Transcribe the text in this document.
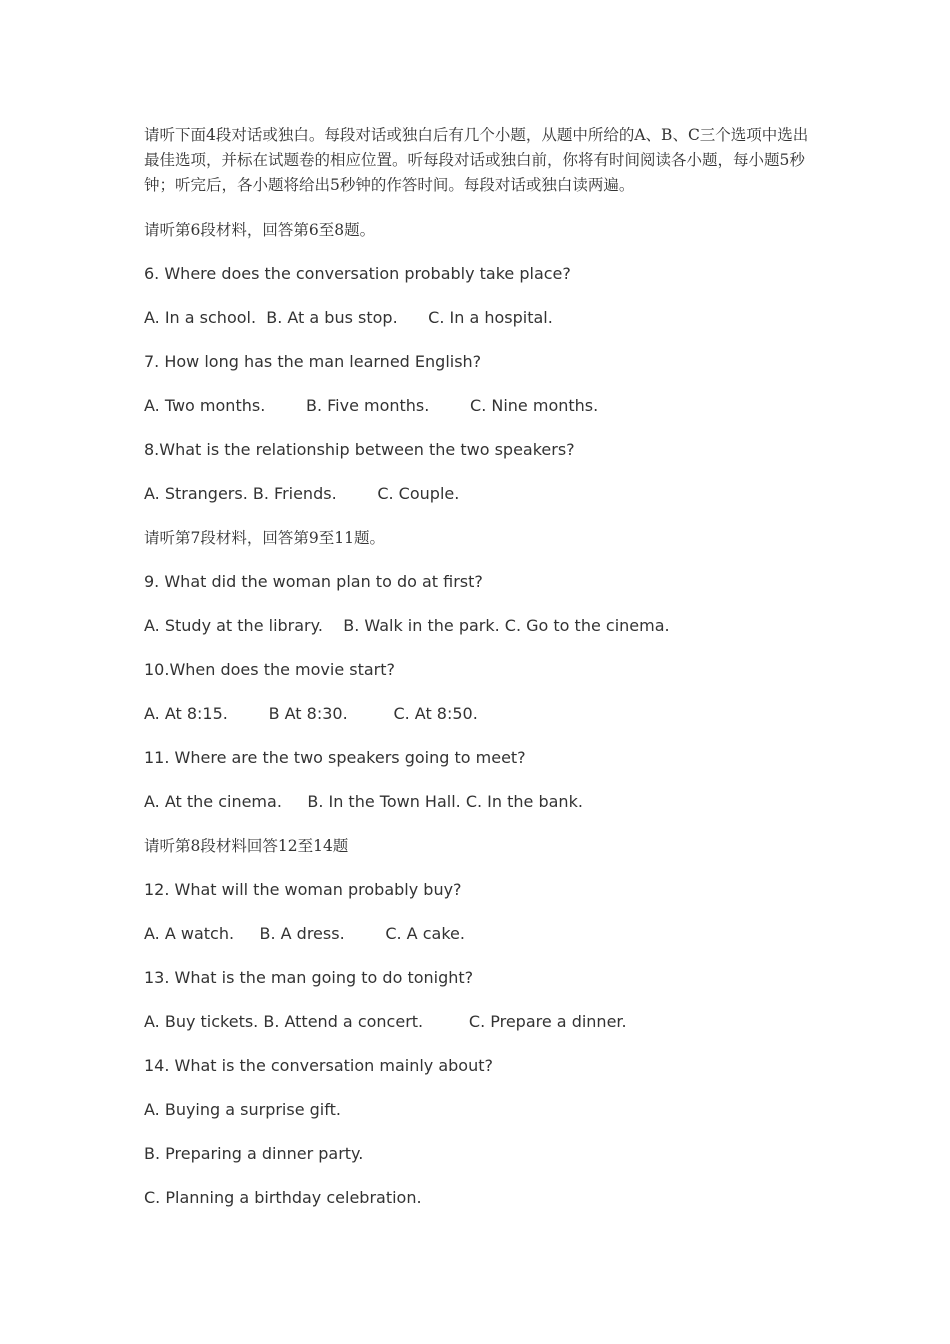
请听下面4段对话或独白。每段对话或独白后有几个小题，从题中所给的A、B、C三个选项中选出最佳选项，并标在试题卷的相应位置。听每段对话或独白前，你将有时间阅读各小题，每小题5秒钟；听完后，各小题将给出5秒钟的作答时间。每段对话或独白读两遍。

请听第6段材料，回答第6至8题。

6. Where does the conversation probably take place?

A. In a school.  B. At a bus stop.      C. In a hospital.

7. How long has the man learned English?

A. Two months.        B. Five months.        C. Nine months.

8.What is the relationship between the two speakers?

A. Strangers. B. Friends.        C. Couple.

请听第7段材料，回答第9至11题。

9. What did the woman plan to do at first?

A. Study at the library.    B. Walk in the park. C. Go to the cinema.

10.When does the movie start?

A. At 8:15.        B At 8:30.         C. At 8:50.

11. Where are the two speakers going to meet?

A. At the cinema.     B. In the Town Hall. C. In the bank.

请听第8段材料回答12至14题

12. What will the woman probably buy?

A. A watch.     B. A dress.        C. A cake.

13. What is the man going to do tonight?

A. Buy tickets. B. Attend a concert.         C. Prepare a dinner.

14. What is the conversation mainly about?

A. Buying a surprise gift.

B. Preparing a dinner party.

C. Planning a birthday celebration.
